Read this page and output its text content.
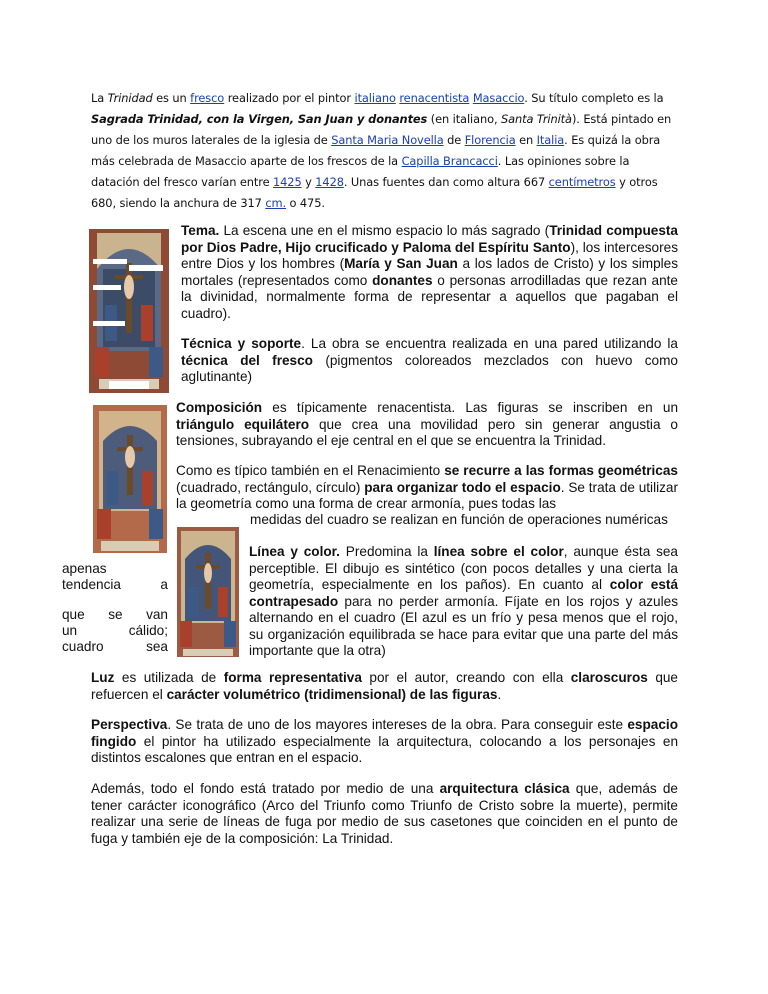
La Trinidad es un fresco realizado por el pintor italiano renacentista Masaccio. Su título completo es la Sagrada Trinidad, con la Virgen, San Juan y donantes (en italiano, Santa Trinità). Está pintado en uno de los muros laterales de la iglesia de Santa Maria Novella de Florencia en Italia. Es quizá la obra más celebrada de Masaccio aparte de los frescos de la Capilla Brancacci. Las opiniones sobre la datación del fresco varían entre 1425 y 1428. Unas fuentes dan como altura 667 centímetros y otros 680, siendo la anchura de 317 cm. o 475.

Tema. La escena une en el mismo espacio lo más sagrado (Trinidad compuesta por Dios Padre, Hijo crucificado y Paloma del Espíritu Santo), los intercesores entre Dios y los hombres (María y San Juan a los lados de Cristo) y los simples mortales (representados como donantes o personas arrodilladas que rezan ante la divinidad, normalmente forma de representar a aquellos que pagaban el cuadro).

Técnica y soporte. La obra se encuentra realizada en una pared utilizando la técnica del fresco (pigmentos coloreados mezclados con huevo como aglutinante)

Composición es típicamente renacentista. Las figuras se inscriben en un triángulo equilátero que crea una movilidad pero sin generar angustia o tensiones, subrayando el eje central en el que se encuentra la Trinidad.

Como es típico también en el Renacimiento se recurre a las formas geométricas (cuadrado, rectángulo, círculo) para organizar todo el espacio. Se trata de utilizar la geometría como una forma de crear armonía, pues todas las

medidas del cuadro se realizan en función de operaciones numéricas

apenas
tendencia a
que se van
un cálido;
cuadro sea

Línea y color. Predomina la línea sobre el color, aunque ésta sea perceptible. El dibujo es sintético (con pocos detalles y una cierta la geometría, especialmente en los paños). En cuanto al color está contrapesado para no perder armonía. Fíjate en los rojos y azules alternando en el cuadro (El azul es un frío y pesa menos que el rojo, su organización equilibrada se hace para evitar que una parte del más importante que la otra)

Luz es utilizada de forma representativa por el autor, creando con ella claroscuros que refuercen el carácter volumétrico (tridimensional) de las figuras.

Perspectiva. Se trata de uno de los mayores intereses de la obra. Para conseguir este espacio fingido el pintor ha utilizado especialmente la arquitectura, colocando a los personajes en distintos escalones que entran en el espacio.

Además, todo el fondo está tratado por medio de una arquitectura clásica que, además de tener carácter iconográfico (Arco del Triunfo como Triunfo de Cristo sobre la muerte), permite realizar una serie de líneas de fuga por medio de sus casetones que coinciden en el punto de fuga y también eje de la composición: La Trinidad.
